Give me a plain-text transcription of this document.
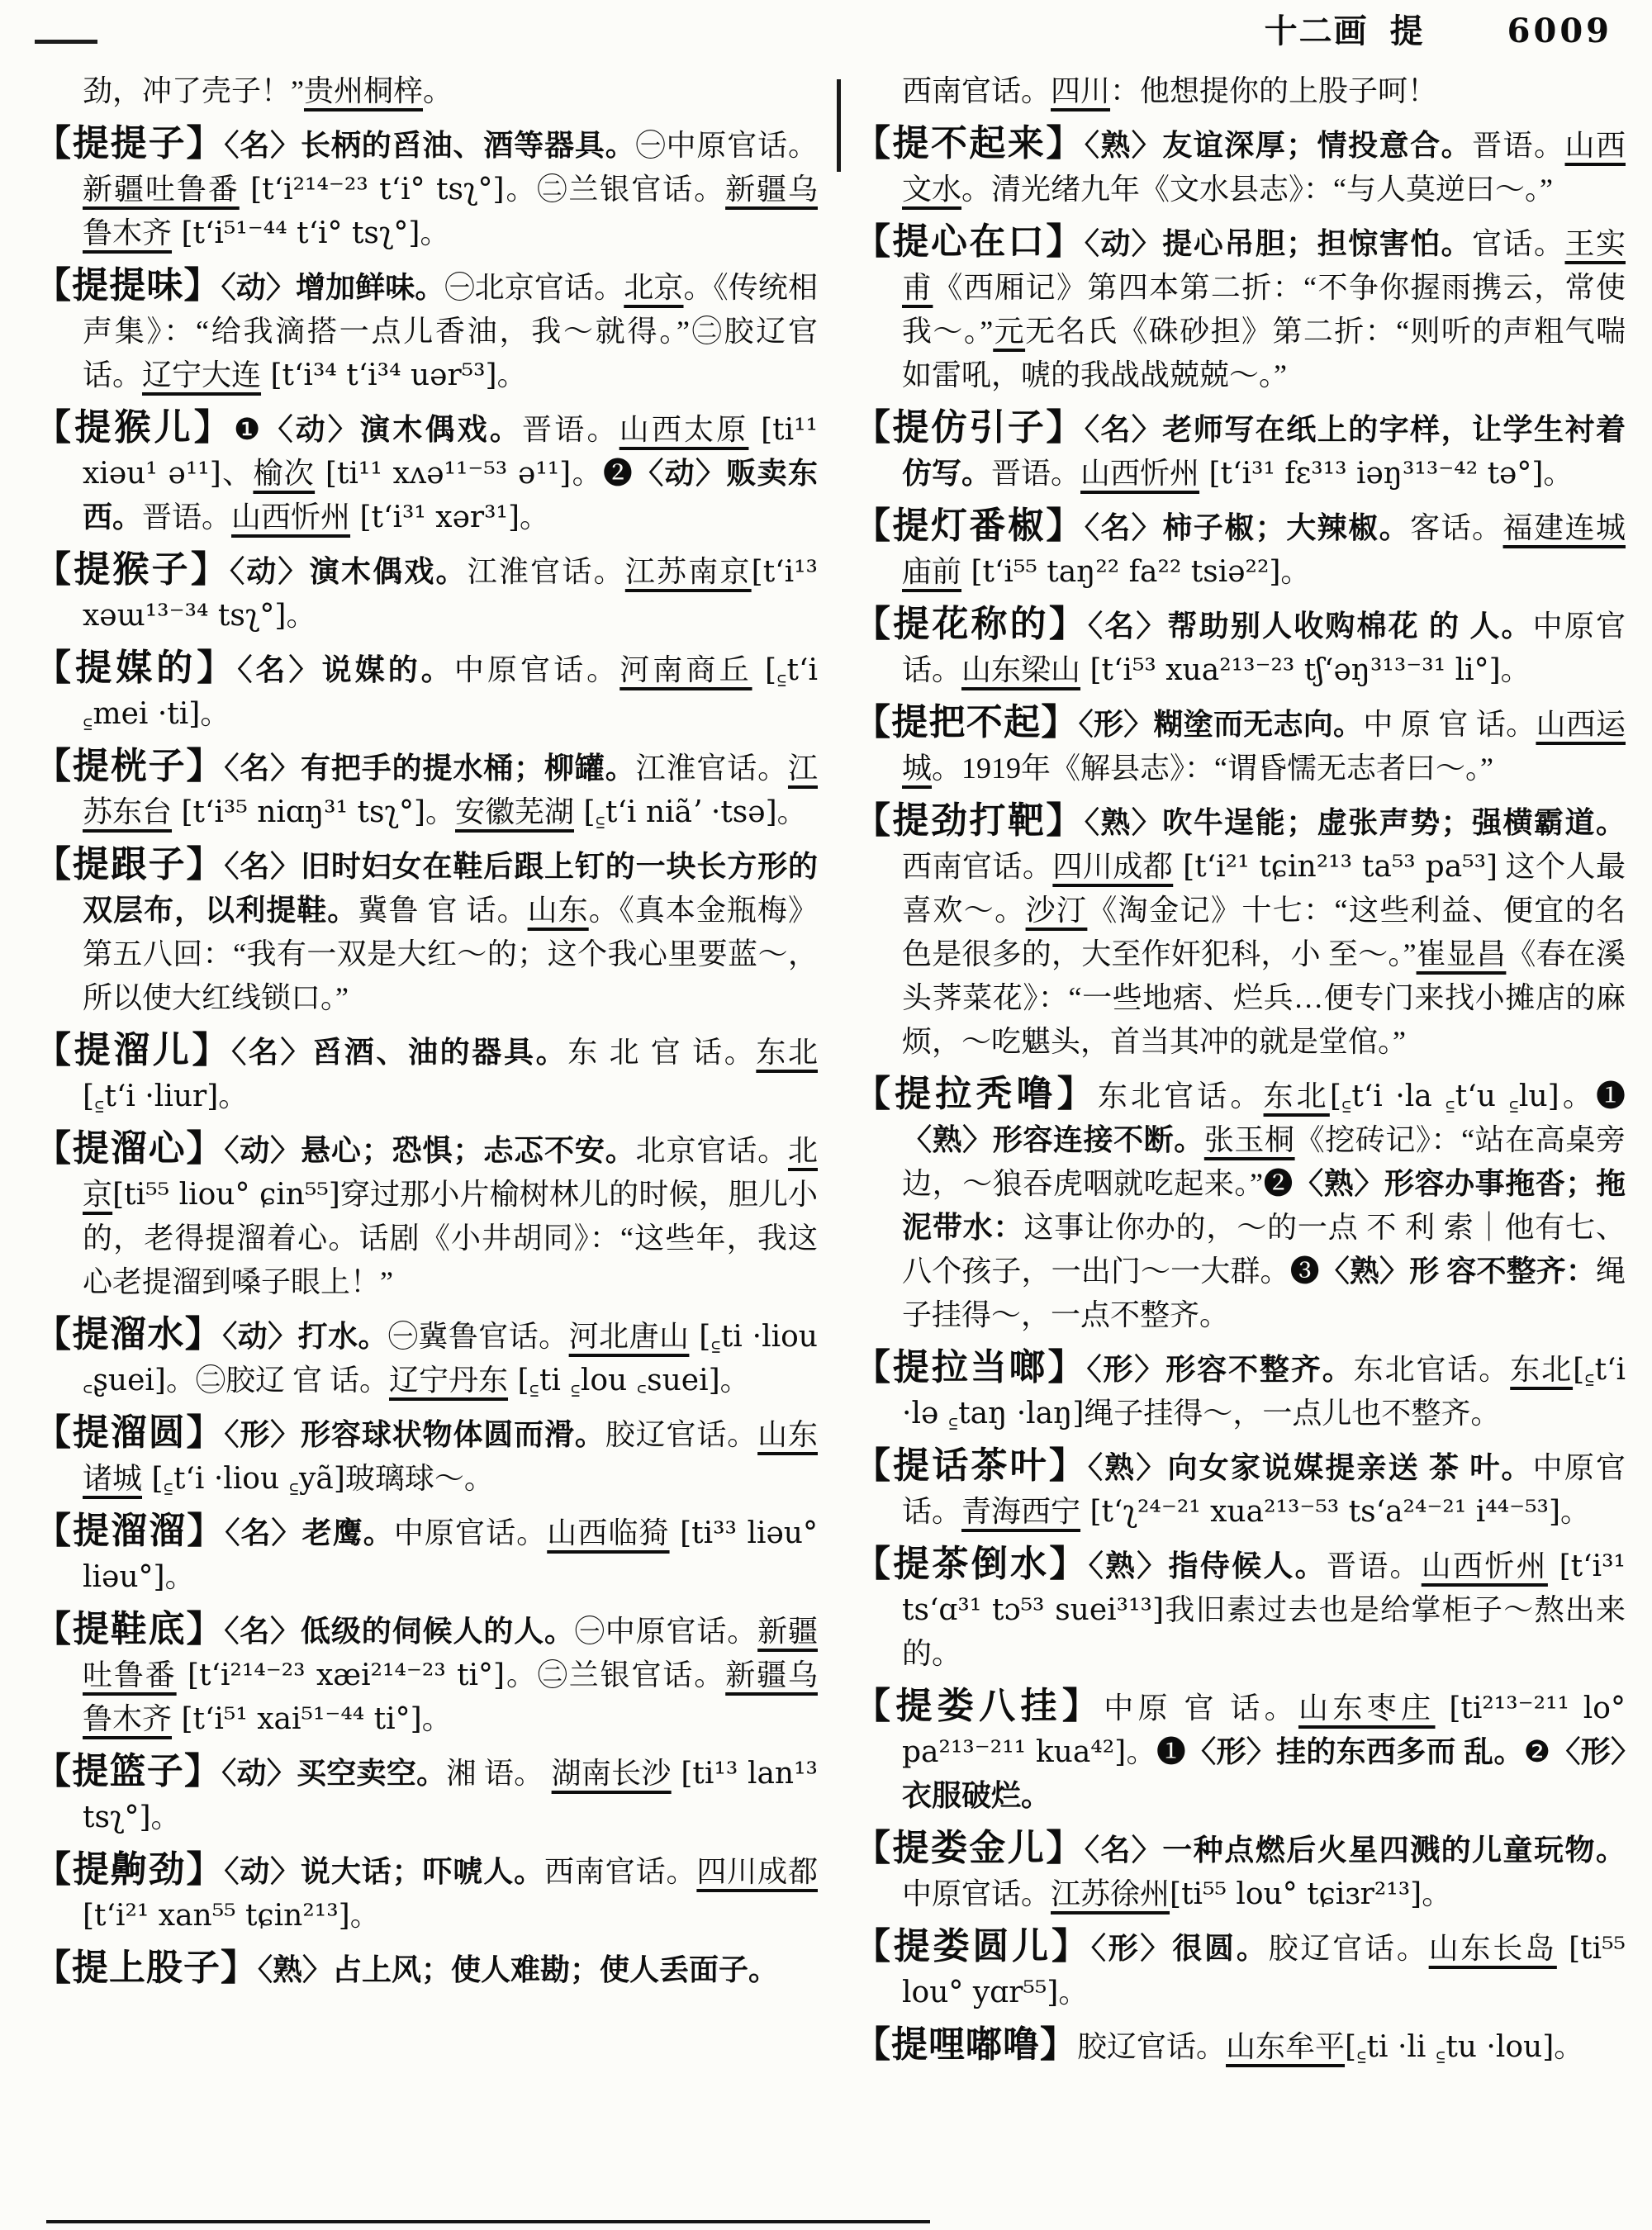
十二画 提	6009

劲，冲了壳子！”贵州桐梓。

【提提子】〈名〉长柄的舀油、酒等器具。㊀中原官话。新疆吐鲁番 [tʻi²¹⁴⁻²³ tʻi° tsʅ°]。㊁兰银官话。新疆乌鲁木齐 [tʻi⁵¹⁻⁴⁴ tʻi° tsʅ°]。

【提提味】〈动〉增加鲜味。㊀北京官话。北京。《传统相声集》：“给我滴搭一点儿香油，我～就得。”㊁胶辽官话。辽宁大连 [tʻi³⁴ tʻi³⁴ uər⁵³]。

【提猴儿】❶〈动〉演木偶戏。晋语。山西太原 [ti¹¹ xiəu¹ ə¹¹]、榆次 [ti¹¹ xʌə¹¹⁻⁵³ ə¹¹]。❷〈动〉贩卖东西。晋语。山西忻州 [tʻi³¹ xər³¹]。

【提猴子】〈动〉演木偶戏。江淮官话。江苏南京[tʻi¹³ xəɯ¹³⁻³⁴ tsʅ°]。

【提媒的】〈名〉说媒的。中原官话。河南商丘 [꜁tʻi ꜁mei ·ti]。

【提桄子】〈名〉有把手的提水桶；柳罐。江淮官话。江苏东台 [tʻi³⁵ niɑŋ³¹ tsʅ°]。安徽芜湖 [꜁tʻi niãʼ ·tsə]。

【提跟子】〈名〉旧时妇女在鞋后跟上钉的一块长方形的双层布，以利提鞋。冀鲁 官 话。山东。《真本金瓶梅》第五八回：“我有一双是大红～的；这个我心里要蓝～，所以使大红线锁口。”

【提溜儿】〈名〉舀酒、油的器具。东 北 官 话。东北 [꜁tʻi ·liur]。

【提溜心】〈动〉悬心；恐惧；忐忑不安。北京官话。北京[ti⁵⁵ liou° ɕin⁵⁵]穿过那小片榆树林儿的时候，胆儿小的，老得提溜着心。话剧《小井胡同》：“这些年，我这心老提溜到嗓子眼上！”

【提溜水】〈动〉打水。㊀冀鲁官话。河北唐山 [꜁ti ·liou ꜀ʂuei]。㊁胶辽 官 话。辽宁丹东 [꜁ti ꜁lou ꜀suei]。

【提溜圆】〈形〉形容球状物体圆而滑。胶辽官话。山东诸城 [꜁tʻi ·liou ꜁yã]玻璃球～。

【提溜溜】〈名〉老鹰。中原官话。山西临猗 [ti³³ liəu° liəu°]。

【提鞋底】〈名〉低级的伺候人的人。㊀中原官话。新疆吐鲁番 [tʻi²¹⁴⁻²³ xæi²¹⁴⁻²³ ti°]。㊁兰银官话。新疆乌鲁木齐 [tʻi⁵¹ xai⁵¹⁻⁴⁴ ti°]。

【提篮子】〈动〉买空卖空。湘 语。 湖南长沙 [ti¹³ lan¹³ tsʅ°]。

【提齁劲】〈动〉说大话；吓唬人。西南官话。四川成都 [tʻi²¹ xan⁵⁵ tɕin²¹³]。

【提上股子】〈熟〉占上风；使人难勘；使人丢面子。

西南官话。四川：他想提你的上股子呵！

【提不起来】〈熟〉友谊深厚；情投意合。晋语。山西文水。清光绪九年《文水县志》：“与人莫逆曰～。”

【提心在口】〈动〉提心吊胆；担惊害怕。官话。王实甫《西厢记》第四本第二折：“不争你握雨携云，常使我～。”元无名氏《硃砂担》第二折：“则听的声粗气喘如雷吼，唬的我战战兢兢～。”

【提仿引子】〈名〉老师写在纸上的字样，让学生衬着仿写。晋语。山西忻州 [tʻi³¹ fɛ³¹³ iəŋ³¹³⁻⁴² tə°]。

【提灯番椒】〈名〉柿子椒；大辣椒。客话。福建连城庙前 [tʻi⁵⁵ taŋ²² fa²² tsiə²²]。

【提花称的】〈名〉帮助别人收购棉花 的 人。中原官话。山东梁山 [tʻi⁵³ xua²¹³⁻²³ tʃʻəŋ³¹³⁻³¹ li°]。

【提把不起】〈形〉糊塗而无志向。中 原 官 话。山西运城。1919年《解县志》：“谓昏懦无志者曰～。”

【提劲打靶】〈熟〉吹牛逞能；虚张声势；强横霸道。西南官话。四川成都 [tʻi²¹ tɕin²¹³ ta⁵³ pa⁵³] 这个人最喜欢～。沙汀《淘金记》十七：“这些利益、便宜的名色是很多的，大至作奸犯科，小 至～。”崔显昌《春在溪头荠菜花》：“一些地痞、烂兵…便专门来找小摊店的麻烦，～吃魌头，首当其冲的就是堂倌。”

【提拉秃噜】东北官话。东北[꜁tʻi ·la ꜁tʻu ꜁lu]。❶〈熟〉形容连接不断。张玉桐《挖砖记》：“站在高桌旁边，～狼吞虎咽就吃起来。”❷〈熟〉形容办事拖沓；拖泥带水：这事让你办的，～的一点 不 利 索｜他有七、八个孩子，一出门～一大群。❸〈熟〉形 容不整齐：绳子挂得～，一点不整齐。

【提拉当啷】〈形〉形容不整齐。东北官话。东北[꜁tʻi ·lə ꜁taŋ ·laŋ]绳子挂得～，一点儿也不整齐。

【提话茶叶】〈熟〉向女家说媒提亲送 茶 叶。中原官话。青海西宁 [tʻʅ²⁴⁻²¹ xua²¹³⁻⁵³ tsʻa²⁴⁻²¹ i⁴⁴⁻⁵³]。

【提茶倒水】〈熟〉指侍候人。晋语。山西忻州 [tʻi³¹ tsʻɑ³¹ tɔ⁵³ suei³¹³]我旧素过去也是给掌柜子～熬出来的。

【提娄八挂】中原 官 话。山东枣庄 [ti²¹³⁻²¹¹ lo° pa²¹³⁻²¹¹ kua⁴²]。❶〈形〉挂的东西多而 乱。❷〈形〉衣服破烂。

【提娄金儿】〈名〉一种点燃后火星四溅的儿童玩物。中原官话。江苏徐州[ti⁵⁵ lou° tɕiɜr²¹³]。

【提娄圆儿】〈形〉很圆。胶辽官话。山东长岛 [ti⁵⁵ lou° yɑr⁵⁵]。

【提哩嘟噜】胶辽官话。山东牟平[꜁ti ·li ꜁tu ·lou]。
